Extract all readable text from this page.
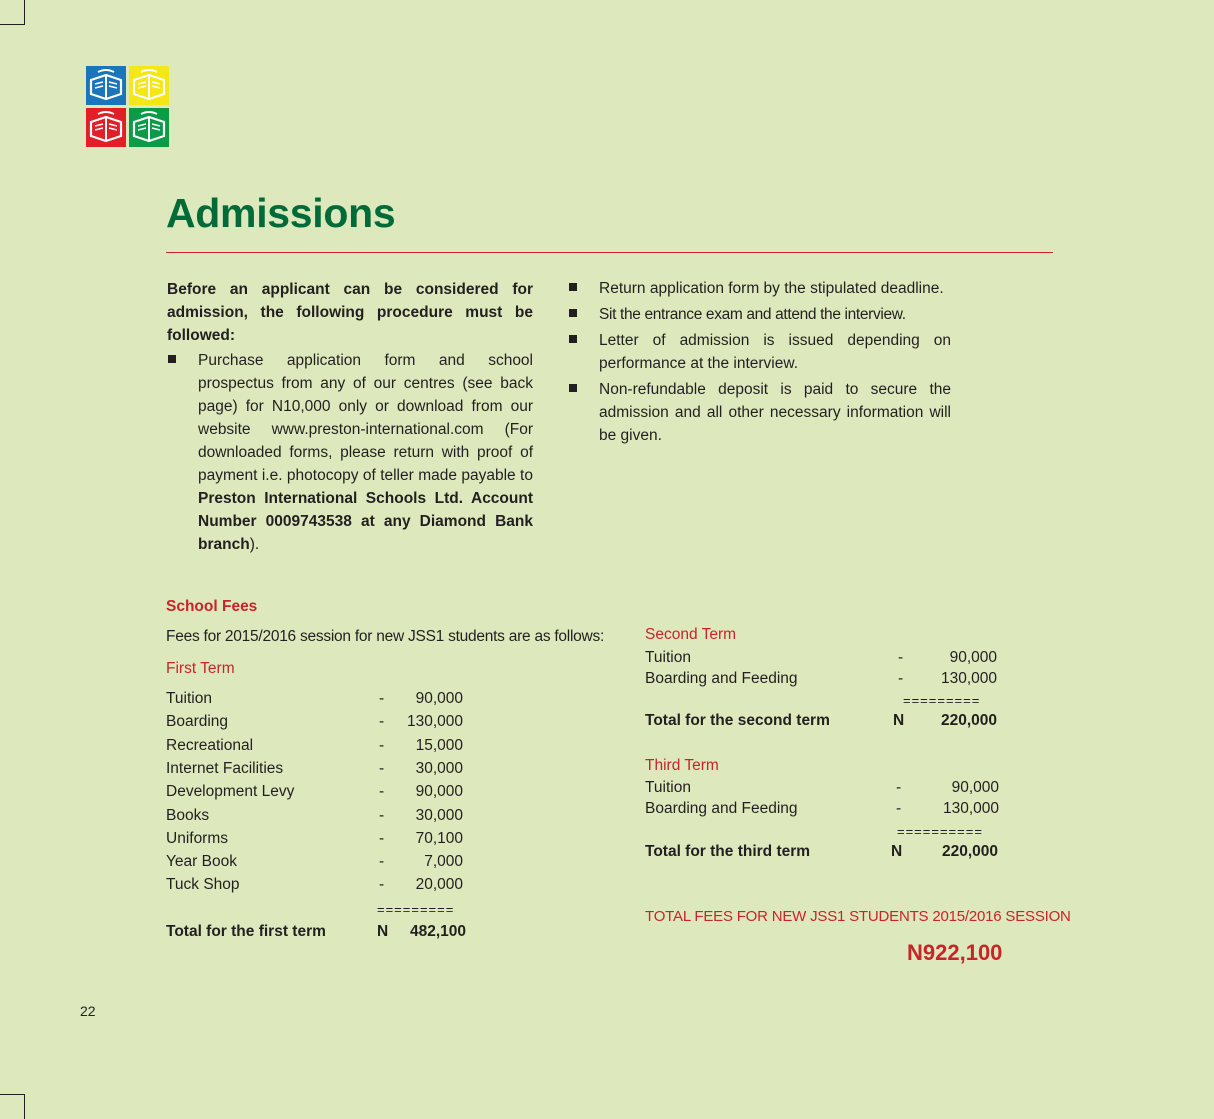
Admissions
Before an applicant can be considered for admission, the following procedure must be followed:
Purchase application form and school prospectus from any of our centres (see back page) for N10,000 only or download from our website www.preston-international.com (For downloaded forms, please return with proof of payment i.e. photocopy of teller made payable to Preston International Schools Ltd. Account Number 0009743538 at any Diamond Bank branch).
Return application form by the stipulated deadline.
Sit the entrance exam and attend the interview.
Letter of admission is issued depending on performance at the interview.
Non-refundable deposit is paid to secure the admission and all other necessary information will be given.
School Fees
Fees for 2015/2016 session for new JSS1 students are as follows:
First Term
Tuition	- 90,000
Boarding	- 130,000
Recreational	- 15,000
Internet Facilities	- 30,000
Development Levy	- 90,000
Books	- 30,000
Uniforms	- 70,100
Year Book	-	7,000
Tuck Shop	- 20,000
=========
Total for the first term	N 482,100
Second Term
Tuition	-	90,000
Boarding and Feeding	- 130,000
=========
Total for the second term	N 220,000
Third Term
Tuition	-	90,000
Boarding and Feeding	-	130,000
==========
Total for the third term	N	220,000
TOTAL FEES FOR NEW JSS1 STUDENTS 2015/2016 SESSION
N922,100
22
